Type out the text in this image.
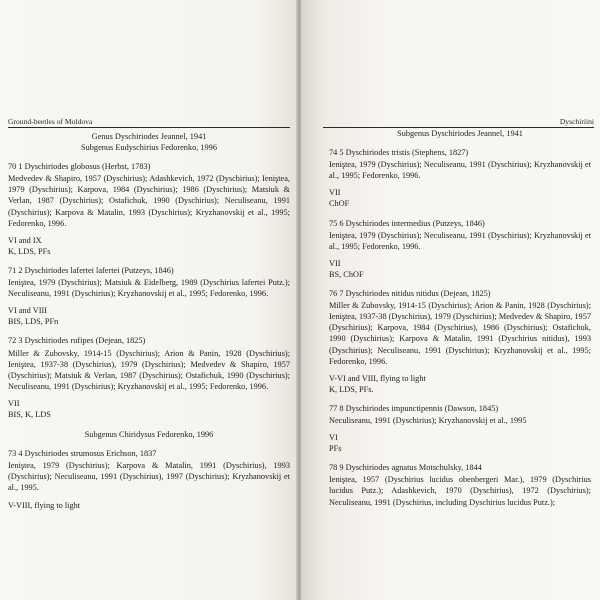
Ground-beetles of Moldova

Genus Dyschiriodes Jeannel, 1941

Subgenus Eudyschirius Fedorenko, 1996

70 1 Dyschiriodes globosus (Herbst, 1783)

Medvedev & Shapiro, 1957 (Dyschirius); Adashkevich, 1972 (Dyschirius); Ieniştea, 1979 (Dyschirius); Karpova, 1984 (Dyschirius); 1986 (Dyschirius); Matsiuk & Verlan, 1987 (Dyschirius); Ostafichuk, 1990 (Dyschirius); Neculiseanu, 1991 (Dyschirius); Karpova & Matalin, 1993 (Dyschirius); Kryzhanovskij et al., 1995; Fedorenko, 1996.

VI and IX

K, LDS, PFs

71 2 Dyschiriodes lafertei lafertei (Putzeys, 1846)

Ieniştea, 1979 (Dyschirius); Matsiuk & Eidelberg, 1989 (Dyschirius lafertei Putz.); Neculiseanu, 1991 (Dyschirius); Kryzhanovskij et al., 1995; Fedorenko, 1996.

VI and VIII

BIS, LDS, PFn

72 3 Dyschiriodes rufipes (Dejean, 1825)

Miller & Zubovsky, 1914-15 (Dyschirius); Arion & Panin, 1928 (Dyschirius); Ieniştea, 1937-38 (Dyschirius), 1979 (Dyschirius); Medvedev & Shapiro, 1957 (Dyschirius); Matsiuk & Verlan, 1987 (Dyschirius); Ostafichuk, 1990 (Dyschirius); Neculiseanu, 1991 (Dyschirius); Kryzhanovskij et al., 1995; Fedorenko, 1996.

VII

BIS, K, LDS

Subgenus Chiridysus Fedorenko, 1996

73 4 Dyschiriodes strumosus Erichson, 1837

Ieniştea, 1979 (Dyschirius); Karpova & Matalin, 1991 (Dyschirius), 1993 (Dyschirius); Neculiseanu, 1991 (Dyschirius), 1997 (Dyschirius); Kryzhanovskij et al., 1995.

V-VIII, flying to light

Dyschiriini

Subgenus Dyschiriodes Jeannel, 1941

74 5 Dyschiriodes tristis (Stephens, 1827)

Ieniştea, 1979 (Dyschirius); Neculiseanu, 1991 (Dyschirius); Kryzhanovskij et al., 1995; Fedorenko, 1996.

VII

ChOF

75 6 Dyschiriodes intermedius (Putzeys, 1846)

Ieniştea, 1979 (Dyschirius); Neculiseanu, 1991 (Dyschirius); Kryzhanovskij et al., 1995; Fedorenko, 1996.

VII

BS, ChOF

76 7 Dyschiriodes nitidus nitidus (Dejean, 1825)

Miller & Zubovsky, 1914-15 (Dyschirius); Arion & Panin, 1928 (Dyschirius); Ieniştea, 1937-38 (Dyschirius), 1979 (Dyschirius); Medvedev & Shapiro, 1957 (Dyschirius); Karpova, 1984 (Dyschirius), 1986 (Dyschirius); Ostafichuk, 1990 (Dyschirius); Karpova & Matalin, 1991 (Dyschirius nitidus), 1993 (Dyschirius); Neculiseanu, 1991 (Dyschirius); Kryzhanovskij et al., 1995; Fedorenko, 1996.

V-VI and VIII, flying to light

K, LDS, PFs.

77 8 Dyschiriodes impunctipennis (Dawson, 1845)

Neculiseanu, 1991 (Dyschirius); Kryzhanovskij et al., 1995

VI

PFs

78 9 Dyschiriodes agnatus Motschulsky, 1844

Ieniştea, 1957 (Dyschirius lucidus obenbergeri Mar.), 1979 (Dyschirius lucidus Putz.); Adashkevich, 1970 (Dyschirius), 1972 (Dyschirius); Neculiseanu, 1991 (Dyschirius, including Dyschirius lucidus Putz.);
